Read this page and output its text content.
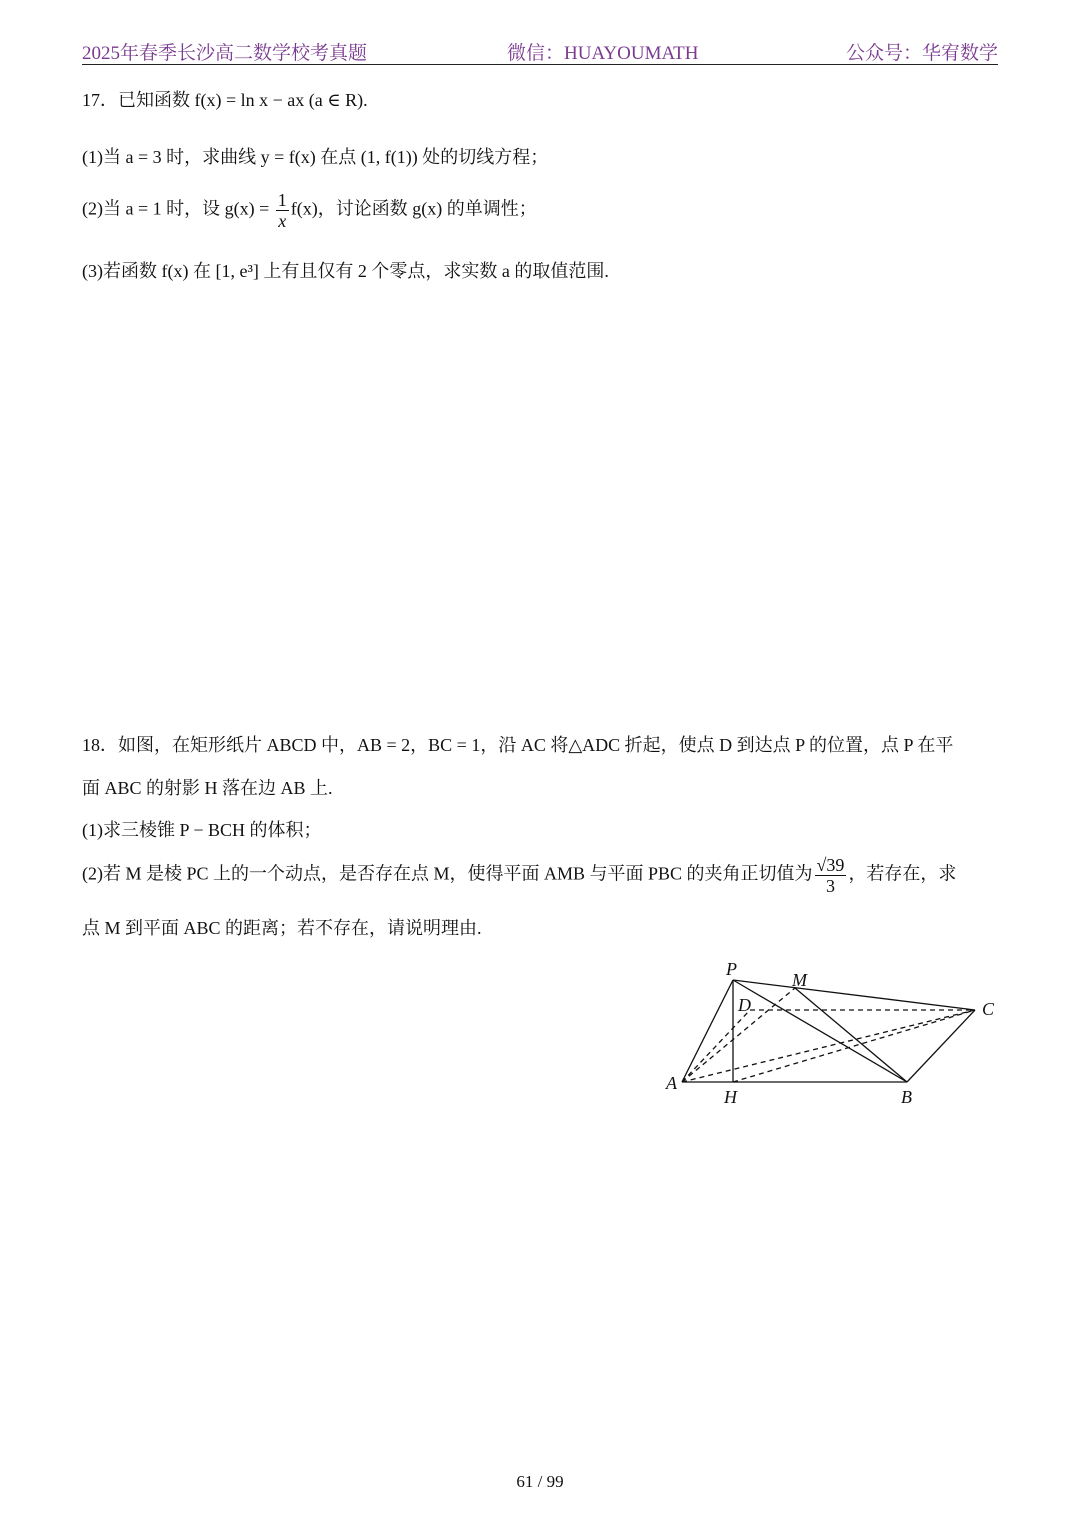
2025年春季长沙高二数学校考真题	微信：HUAYOUMATH	公众号：华宥数学
17．已知函数 f(x) = ln x − ax (a ∈ R).
(1)当 a = 3 时，求曲线 y = f(x) 在点 (1, f(1)) 处的切线方程；
(2)当 a = 1 时，设 $g(x) = \frac{1}{x} f(x)$，讨论函数 g(x) 的单调性；
(3)若函数 f(x) 在 [1, e³] 上有且仅有 2 个零点，求实数 a 的取值范围.
18．如图，在矩形纸片 ABCD 中，AB = 2，BC = 1，沿 AC 将△ADC 折起，使点 D 到达点 P 的位置，点 P 在平
面 ABC 的射影 H 落在边 AB 上.
(1)求三棱锥 P − BCH 的体积；
(2)若 M 是棱 PC 上的一个动点，是否存在点 M，使得平面 AMB 与平面 PBC 的夹角正切值为 $\frac{√39}{3}$ ，若存在，求
点 M 到平面 ABC 的距离；若不存在，请说明理由.
P
M
D	C
A
H	B
61 / 99
